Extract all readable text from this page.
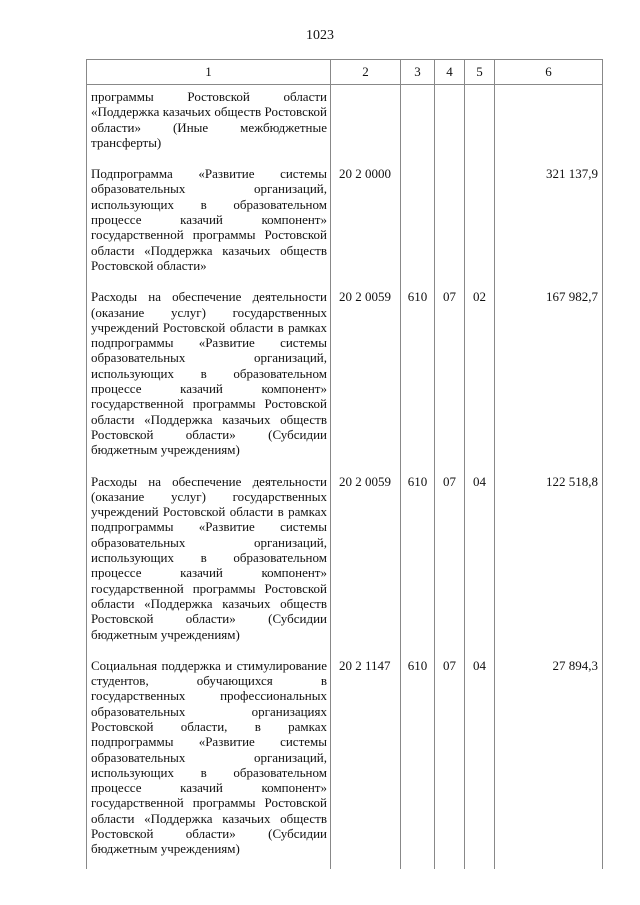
1023
1	2	3	4	5	6
программы Ростовской области «Поддержка казачьих обществ Ростовской области» (Иные межбюджетные трансферты)					
Подпрограмма «Развитие системы образовательных организаций, использующих в образовательном процессе казачий компонент» государственной программы Ростовской области «Поддержка казачьих обществ Ростовской области»	20 2 0000				321 137,9
Расходы на обеспечение деятельности (оказание услуг) государственных учреждений Ростовской области в рамках подпрограммы «Развитие системы образовательных организаций, использующих в образовательном процессе казачий компонент» государственной программы Ростовской области «Поддержка казачьих обществ Ростовской области» (Субсидии бюджетным учреждениям)	20 2 0059	610	07	02	167 982,7
Расходы на обеспечение деятельности (оказание услуг) государственных учреждений Ростовской области в рамках подпрограммы «Развитие системы образовательных организаций, использующих в образовательном процессе казачий компонент» государственной программы Ростовской области «Поддержка казачьих обществ Ростовской области» (Субсидии бюджетным учреждениям)	20 2 0059	610	07	04	122 518,8
Социальная поддержка и стимулирование студентов, обучающихся в государственных профессиональных образовательных организациях Ростовской области, в рамках подпрограммы «Развитие системы образовательных организаций, использующих в образовательном процессе казачий компонент» государственной программы Ростовской области «Поддержка казачьих обществ Ростовской области» (Субсидии бюджетным учреждениям)	20 2 1147	610	07	04	27 894,3
